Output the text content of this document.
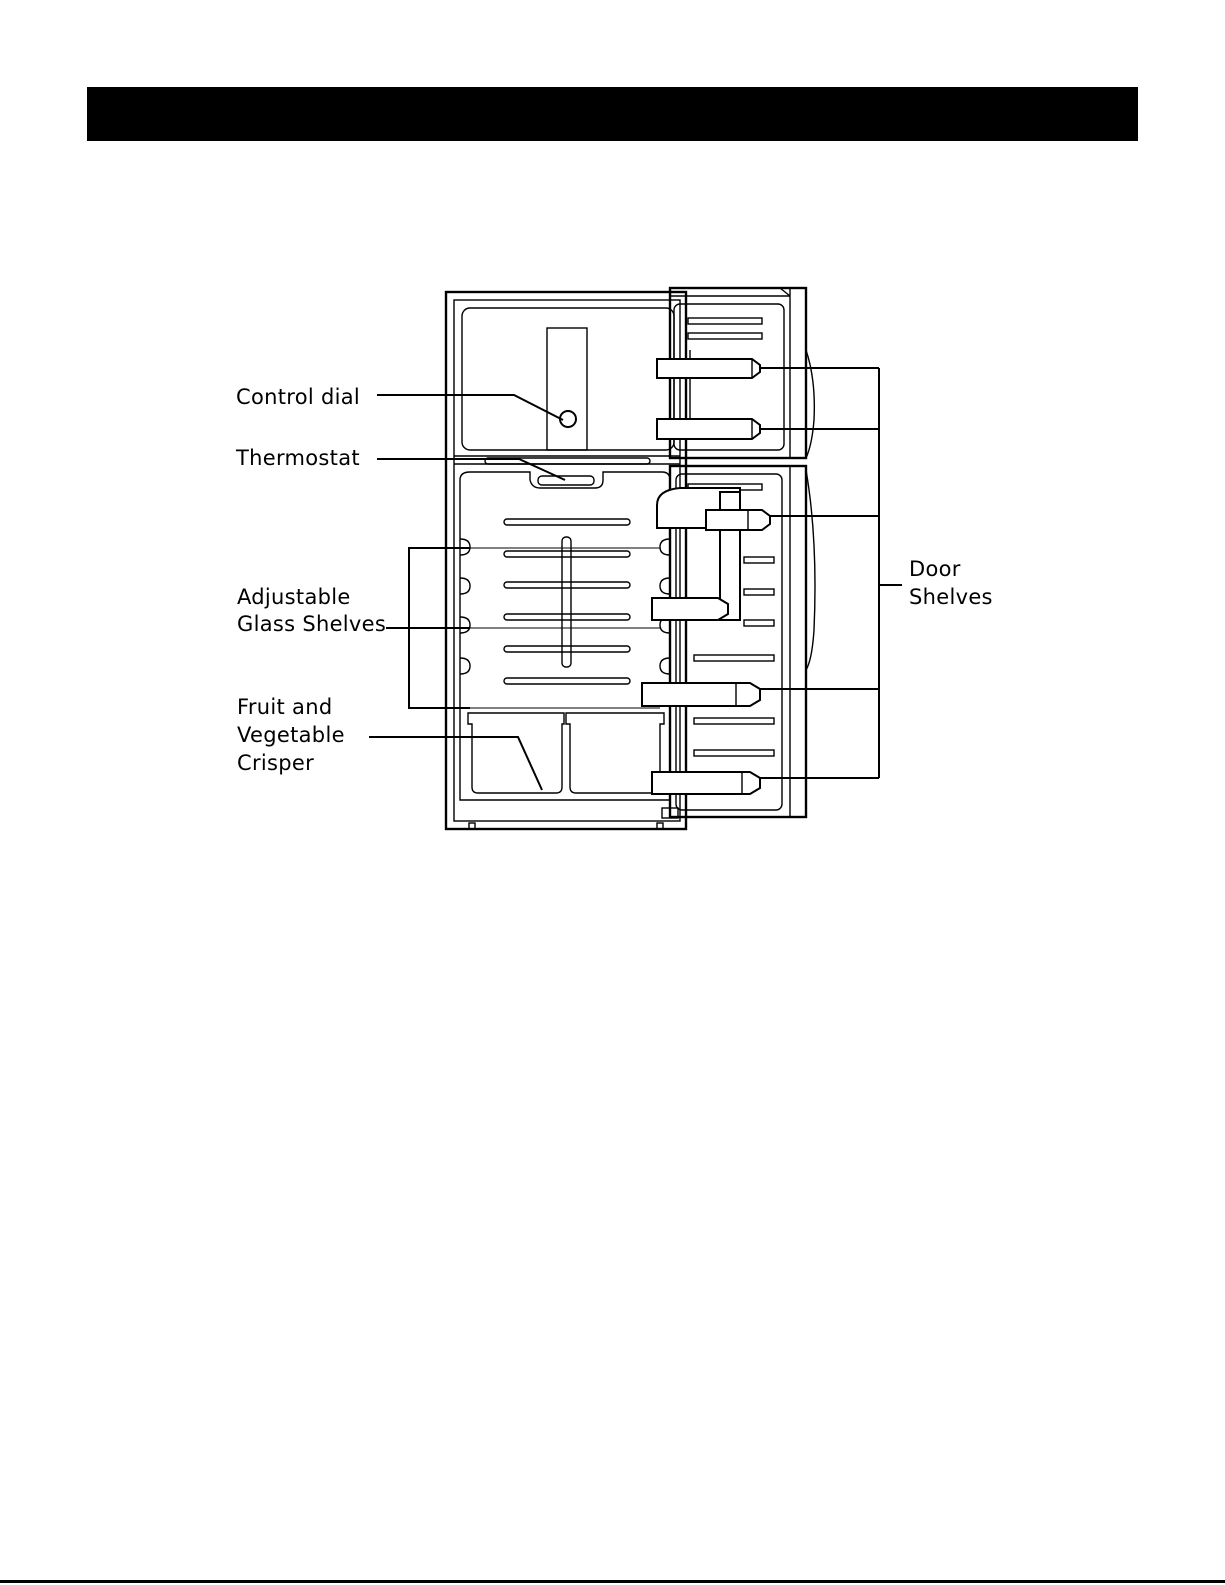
Control dial
Thermostat
Adjustable
Glass Shelves
Fruit and
Vegetable
Crisper
Door
Shelves
